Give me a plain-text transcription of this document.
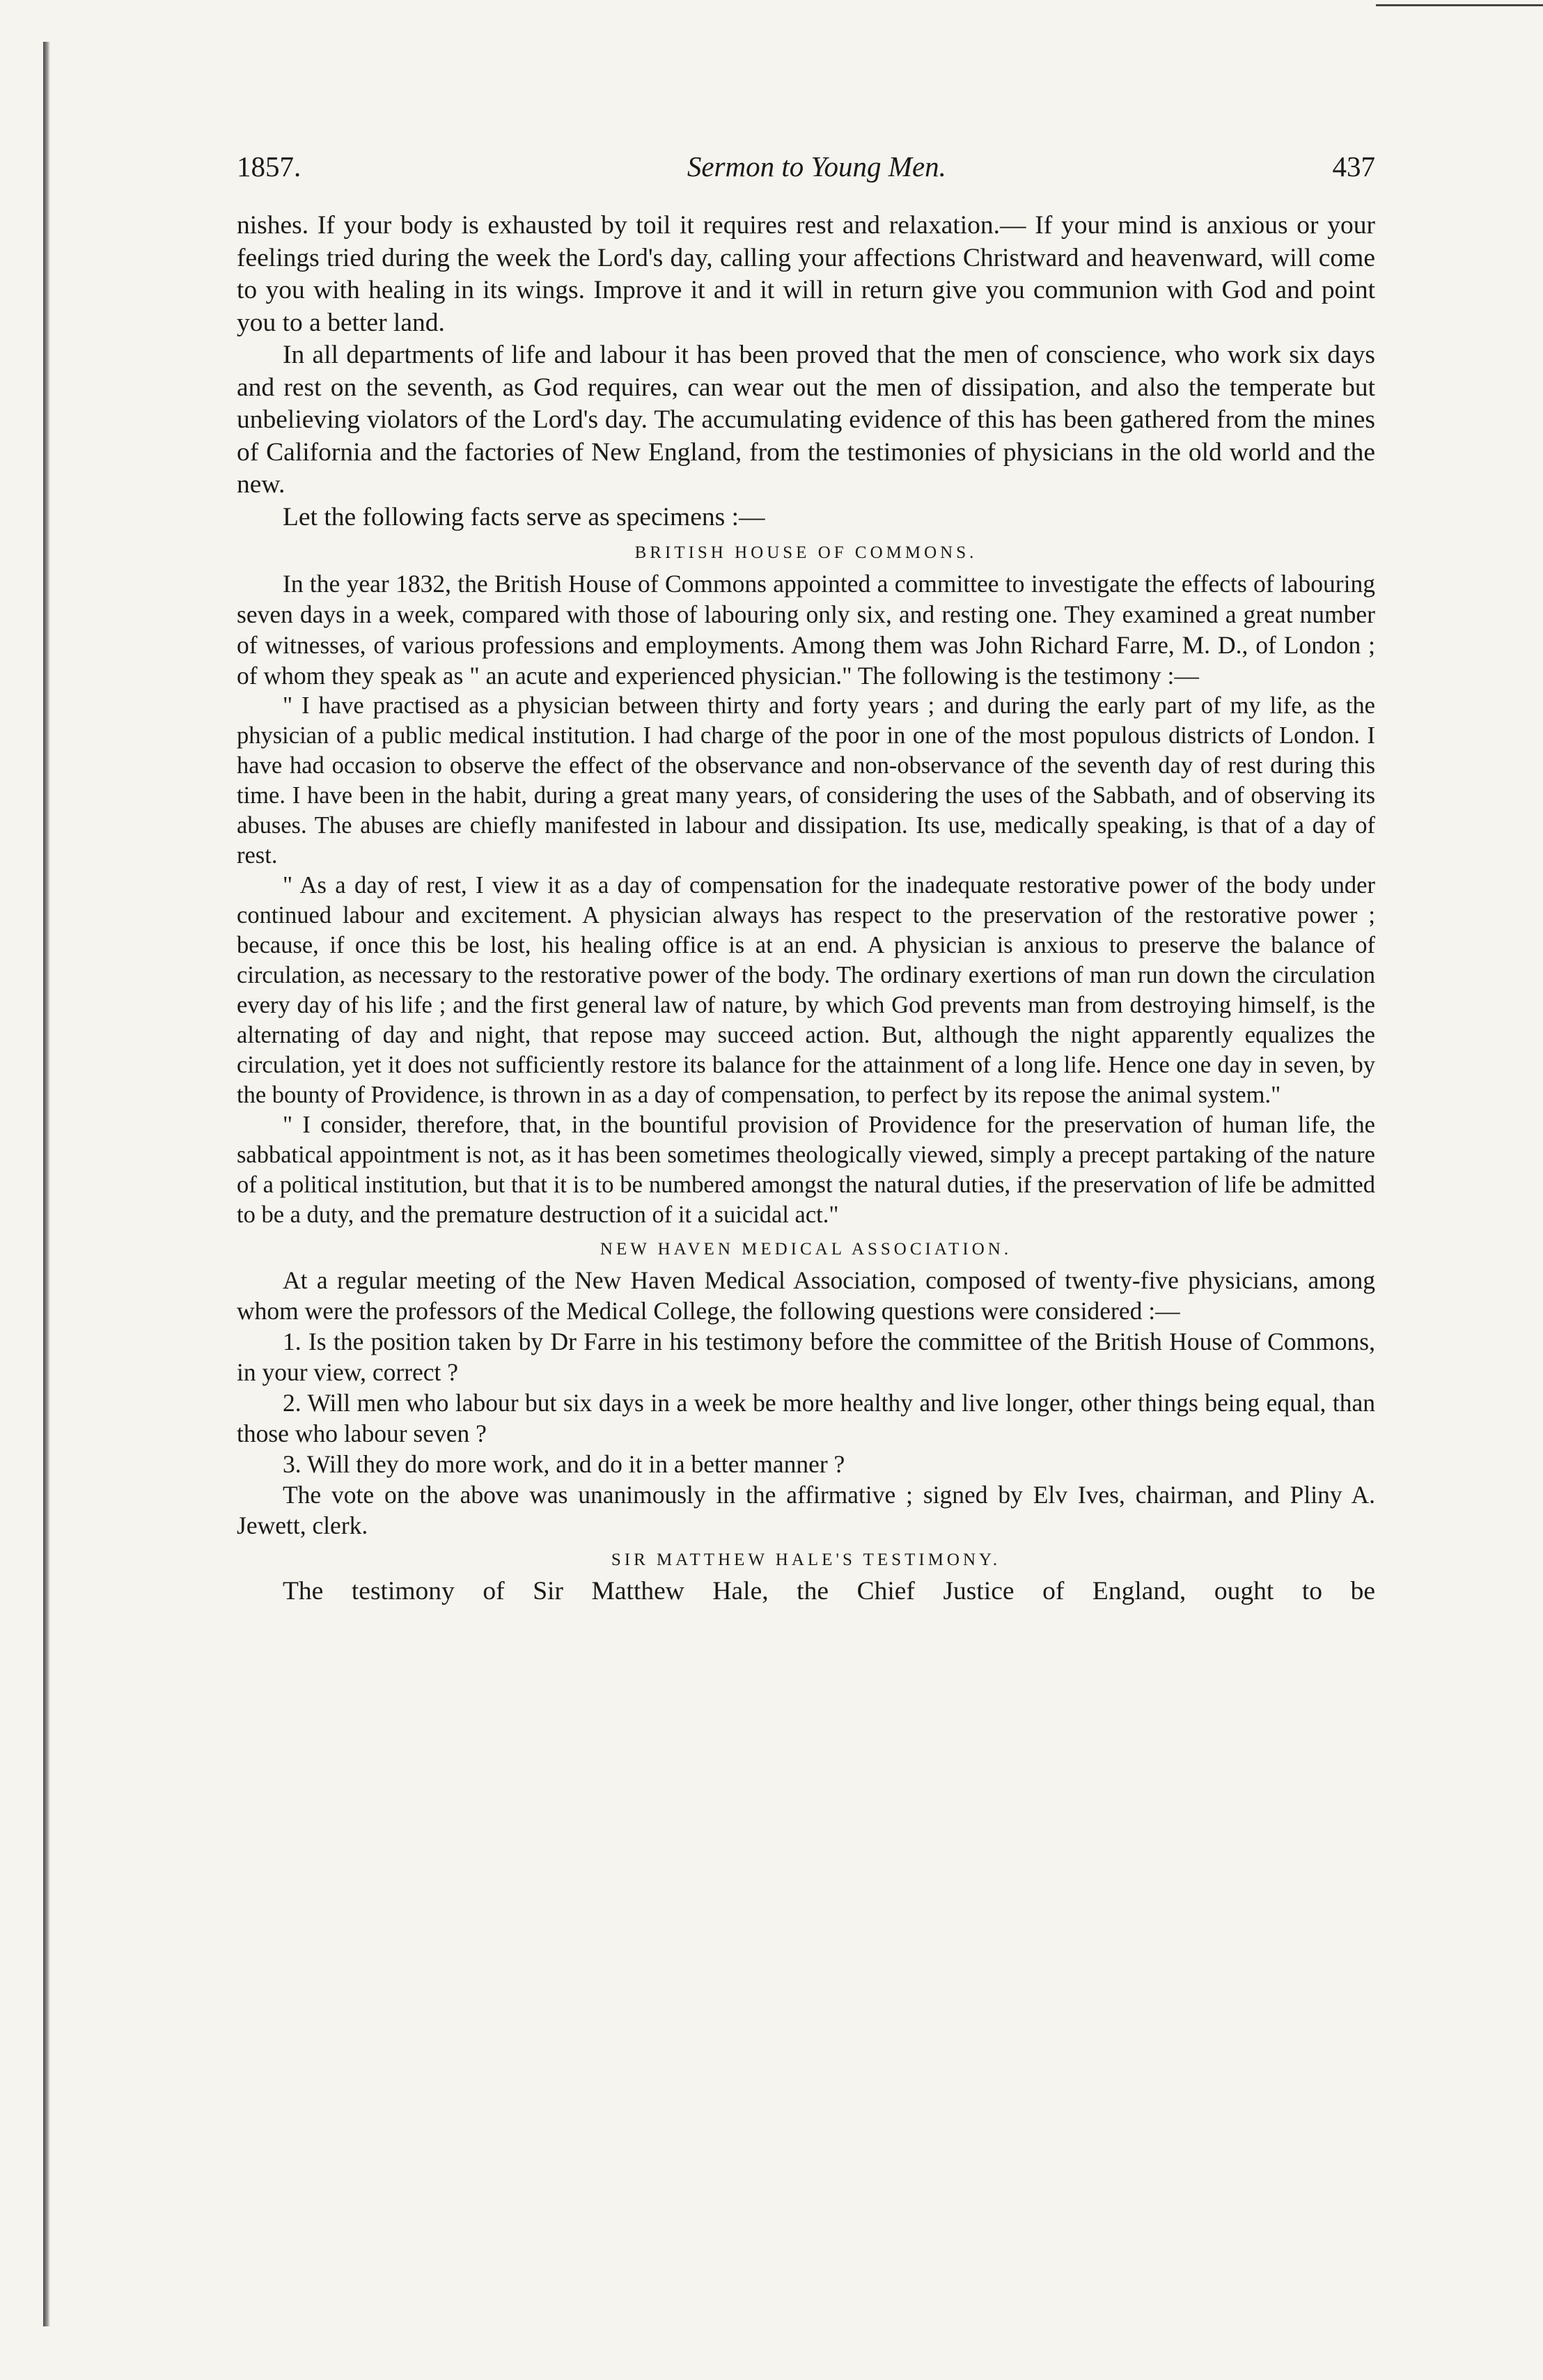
1857.	Sermon to Young Men.	437

nishes. If your body is exhausted by toil it requires rest and relaxation.— If your mind is anxious or your feelings tried during the week the Lord's day, calling your affections Christward and heavenward, will come to you with healing in its wings. Improve it and it will in return give you communion with God and point you to a better land.

In all departments of life and labour it has been proved that the men of conscience, who work six days and rest on the seventh, as God requires, can wear out the men of dissipation, and also the temperate but unbelieving violators of the Lord's day. The accumulating evidence of this has been gathered from the mines of California and the factories of New England, from the testimonies of physicians in the old world and the new.

Let the following facts serve as specimens :—

BRITISH HOUSE OF COMMONS.

In the year 1832, the British House of Commons appointed a committee to investigate the effects of labouring seven days in a week, compared with those of labouring only six, and resting one. They examined a great number of witnesses, of various professions and employments. Among them was John Richard Farre, M. D., of London ; of whom they speak as " an acute and experienced physician." The following is the testimony :—

" I have practised as a physician between thirty and forty years ; and during the early part of my life, as the physician of a public medical institution. I had charge of the poor in one of the most populous districts of London. I have had occasion to observe the effect of the observance and non-observance of the seventh day of rest during this time. I have been in the habit, during a great many years, of considering the uses of the Sabbath, and of observing its abuses. The abuses are chiefly manifested in labour and dissipation. Its use, medically speaking, is that of a day of rest.

" As a day of rest, I view it as a day of compensation for the inadequate restorative power of the body under continued labour and excitement. A physician always has respect to the preservation of the restorative power ; because, if once this be lost, his healing office is at an end. A physician is anxious to preserve the balance of circulation, as necessary to the restorative power of the body. The ordinary exertions of man run down the circulation every day of his life ; and the first general law of nature, by which God prevents man from destroying himself, is the alternating of day and night, that repose may succeed action. But, although the night apparently equalizes the circulation, yet it does not sufficiently restore its balance for the attainment of a long life. Hence one day in seven, by the bounty of Providence, is thrown in as a day of compensation, to perfect by its repose the animal system."

" I consider, therefore, that, in the bountiful provision of Providence for the preservation of human life, the sabbatical appointment is not, as it has been sometimes theologically viewed, simply a precept partaking of the nature of a political institution, but that it is to be numbered amongst the natural duties, if the preservation of life be admitted to be a duty, and the premature destruction of it a suicidal act."

NEW HAVEN MEDICAL ASSOCIATION.

At a regular meeting of the New Haven Medical Association, composed of twenty-five physicians, among whom were the professors of the Medical College, the following questions were considered :—

1. Is the position taken by Dr Farre in his testimony before the committee of the British House of Commons, in your view, correct ?

2. Will men who labour but six days in a week be more healthy and live longer, other things being equal, than those who labour seven ?

3. Will they do more work, and do it in a better manner ?

The vote on the above was unanimously in the affirmative ; signed by Elv Ives, chairman, and Pliny A. Jewett, clerk.

SIR MATTHEW HALE'S TESTIMONY.

The testimony of Sir Matthew Hale, the Chief Justice of England, ought to be
